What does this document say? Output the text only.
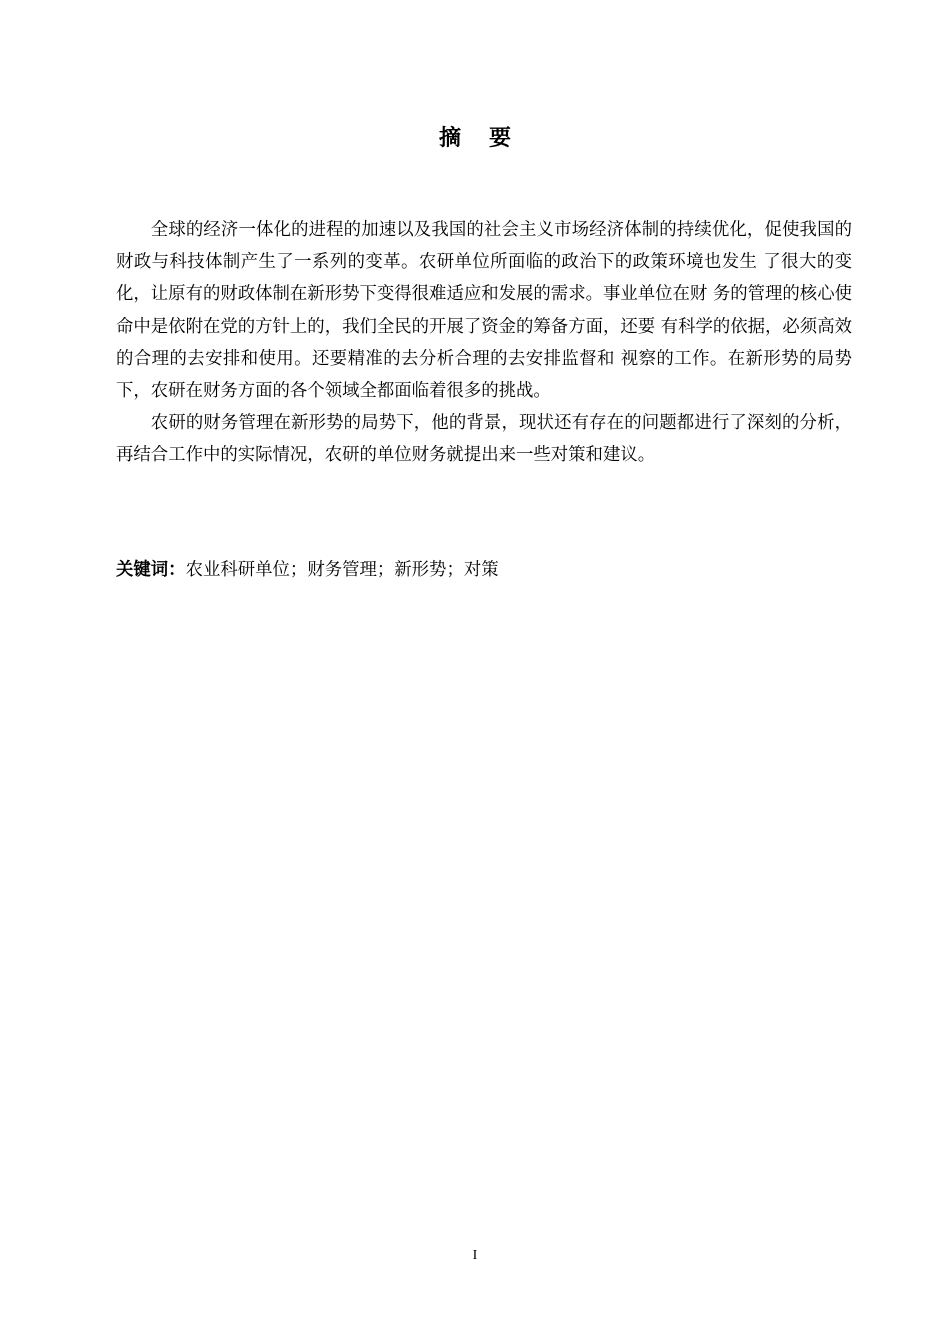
摘 要

全球的经济一体化的进程的加速以及我国的社会主义市场经济体制的持续优化，促使我国的财政与科技体制产生了一系列的变革。农研单位所面临的政治下的政策环境也发生 了很大的变化，让原有的财政体制在新形势下变得很难适应和发展的需求。事业单位在财 务的管理的核心使命中是依附在党的方针上的，我们全民的开展了资金的筹备方面，还要 有科学的依据，必须高效的合理的去安排和使用。还要精准的去分析合理的去安排监督和 视察的工作。在新形势的局势下，农研在财务方面的各个领域全都面临着很多的挑战。

农研的财务管理在新形势的局势下，他的背景，现状还有存在的问题都进行了深刻的分析，再结合工作中的实际情况，农研的单位财务就提出来一些对策和建议。

关键词：农业科研单位；财务管理；新形势；对策
I
